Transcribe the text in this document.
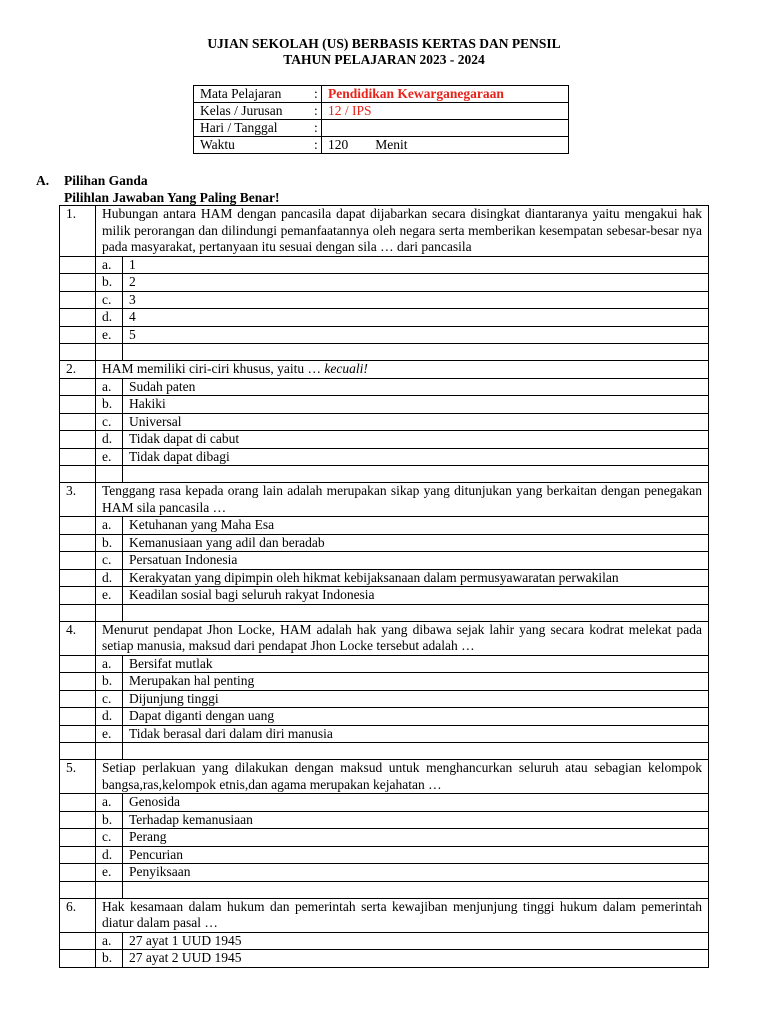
UJIAN SEKOLAH (US) BERBASIS KERTAS DAN PENSIL
TAHUN PELAJARAN 2023 - 2024
Mata Pelajaran	:	Pendidikan Kewarganegaraan
Kelas / Jurusan	:	12 / IPS
Hari / Tanggal	:	
Waktu	:	120        Menit
A. Pilihan Ganda
Pilihlan Jawaban Yang Paling Benar!
1.	Hubungan antara HAM dengan pancasila dapat dijabarkan secara disingkat diantaranya yaitu mengakui hak milik perorangan dan dilindungi pemanfaatannya oleh negara serta memberikan kesempatan sebesar-besar nya pada masyarakat, pertanyaan itu sesuai dengan sila … dari pancasila	
	a.	1
	b.	2
	c.	3
	d.	4
	e.	5

2.	HAM memiliki ciri-ciri khusus, yaitu … kecuali!	
	a.	Sudah paten
	b.	Hakiki
	c.	Universal
	d.	Tidak dapat di cabut
	e.	Tidak dapat dibagi

3.	Tenggang rasa kepada orang lain adalah merupakan sikap yang ditunjukan yang berkaitan dengan penegakan HAM sila pancasila …	
	a.	Ketuhanan yang Maha Esa
	b.	Kemanusiaan yang adil dan beradab
	c.	Persatuan Indonesia
	d.	Kerakyatan yang dipimpin oleh hikmat kebijaksanaan dalam permusyawaratan perwakilan
	e.	Keadilan sosial bagi seluruh rakyat Indonesia

4.	Menurut pendapat Jhon Locke, HAM adalah hak yang dibawa sejak lahir yang secara kodrat melekat pada setiap manusia, maksud dari pendapat Jhon Locke tersebut adalah …	
	a.	Bersifat mutlak
	b.	Merupakan hal penting
	c.	Dijunjung tinggi
	d.	Dapat diganti dengan uang
	e.	Tidak berasal dari dalam diri manusia

5.	Setiap perlakuan yang dilakukan dengan maksud untuk menghancurkan seluruh atau sebagian kelompok bangsa,ras,kelompok etnis,dan agama merupakan kejahatan …	
	a.	Genosida
	b.	Terhadap kemanusiaan
	c.	Perang
	d.	Pencurian
	e.	Penyiksaan

6.	Hak kesamaan dalam hukum dan pemerintah serta kewajiban menjunjung tinggi hukum dalam pemerintah diatur dalam pasal …	
	a.	27 ayat 1 UUD 1945
	b.	27 ayat 2 UUD 1945
